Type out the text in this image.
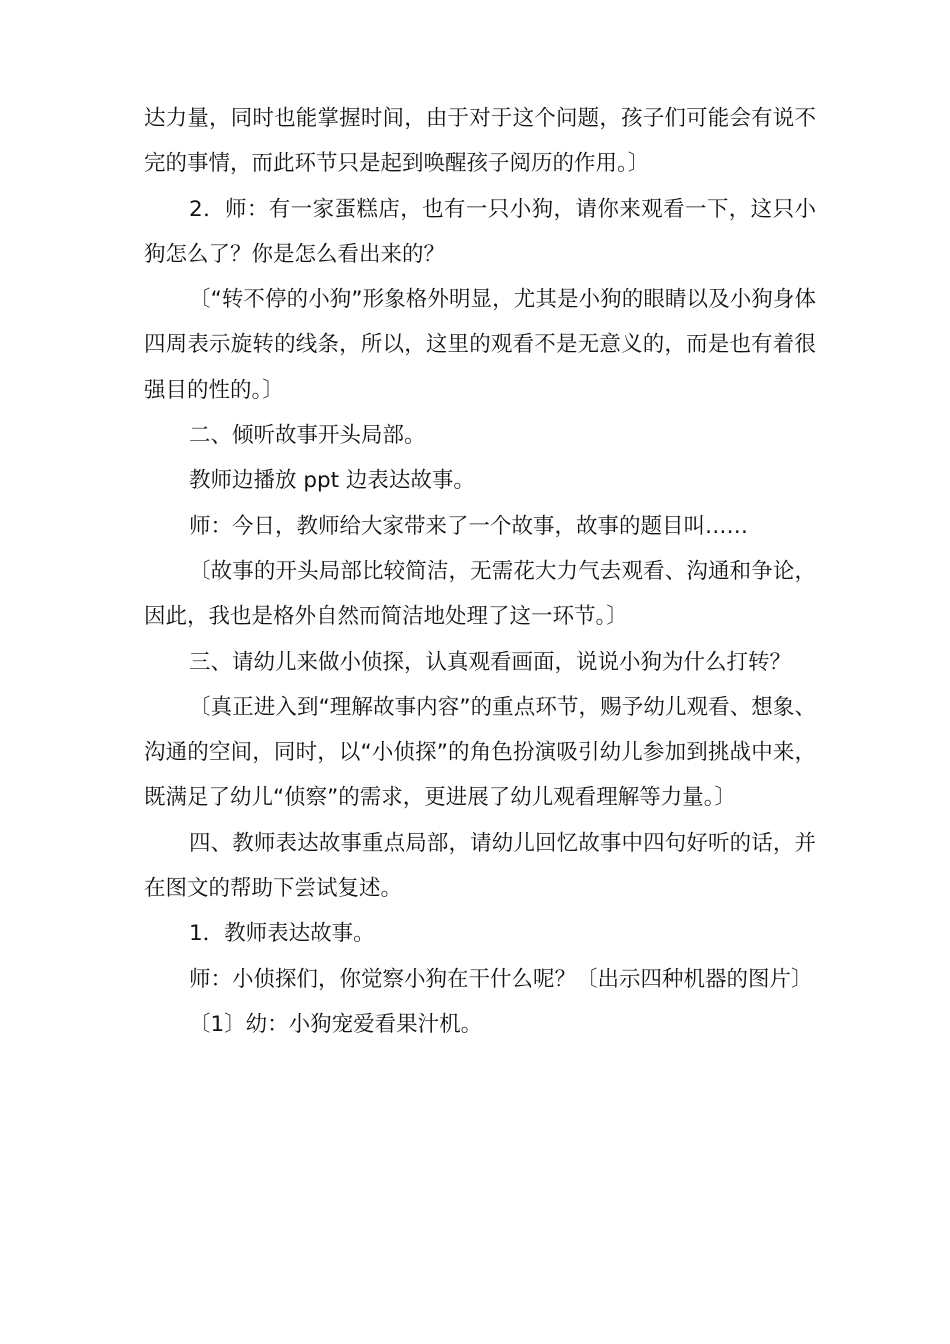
达力量，同时也能掌握时间，由于对于这个问题，孩子们可能会有说不完的事情，而此环节只是起到唤醒孩子阅历的作用。〕

2．师：有一家蛋糕店，也有一只小狗，请你来观看一下，这只小狗怎么了？你是怎么看出来的？

〔“转不停的小狗”形象格外明显，尤其是小狗的眼睛以及小狗身体四周表示旋转的线条，所以，这里的观看不是无意义的，而是也有着很强目的性的。〕

二、倾听故事开头局部。

教师边播放 ppt 边表达故事。

师：今日，教师给大家带来了一个故事，故事的题目叫……

〔故事的开头局部比较简洁，无需花大力气去观看、沟通和争论，因此，我也是格外自然而简洁地处理了这一环节。〕

三、请幼儿来做小侦探，认真观看画面，说说小狗为什么打转？

〔真正进入到“理解故事内容”的重点环节，赐予幼儿观看、想象、沟通的空间，同时，以“小侦探”的角色扮演吸引幼儿参加到挑战中来，既满足了幼儿“侦察”的需求，更进展了幼儿观看理解等力量。〕

四、教师表达故事重点局部，请幼儿回忆故事中四句好听的话，并在图文的帮助下尝试复述。

1．教师表达故事。

师：小侦探们，你觉察小狗在干什么呢？〔出示四种机器的图片〕

〔1〕幼：小狗宠爱看果汁机。
